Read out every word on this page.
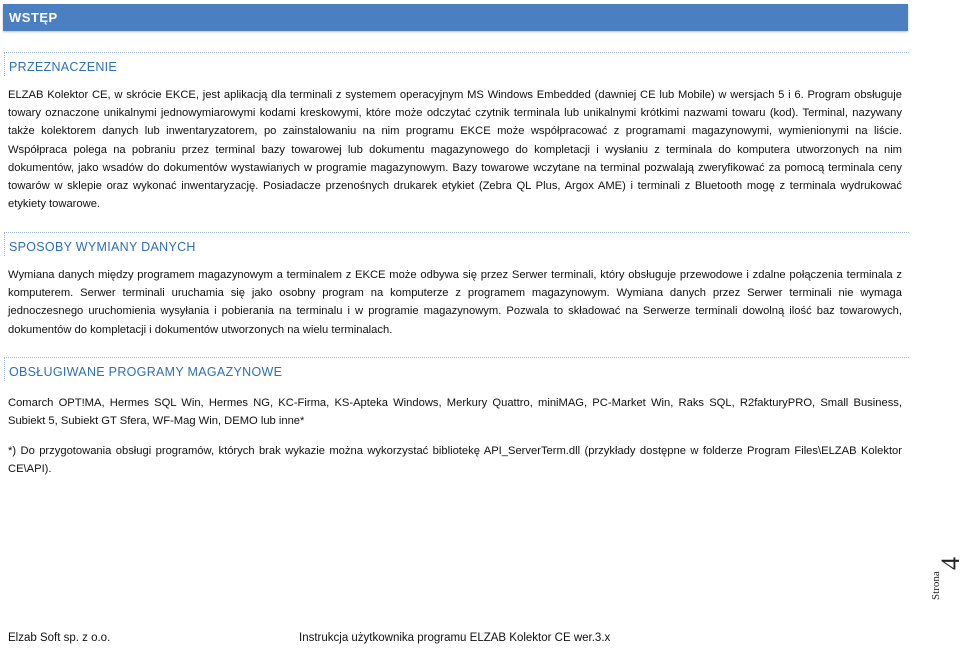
WSTĘP
PRZEZNACZENIE

ELZAB Kolektor CE, w skrócie EKCE, jest aplikacją dla terminali z systemem operacyjnym MS Windows Embedded (dawniej CE lub Mobile) w wersjach 5 i 6. Program obsługuje towary oznaczone unikalnymi jednowymiarowymi kodami kreskowymi, które może odczytać czytnik terminala lub unikalnymi krótkimi nazwami towaru (kod). Terminal, nazywany także kolektorem danych lub inwentaryzatorem, po zainstalowaniu na nim programu EKCE może współpracować z programami magazynowymi, wymienionymi na liście. Współpraca polega na pobraniu przez terminal bazy towarowej lub dokumentu magazynowego do kompletacji i wysłaniu z terminala do komputera utworzonych na nim dokumentów, jako wsadów do dokumentów wystawianych w programie magazynowym. Bazy towarowe wczytane na terminal pozwalają zweryfikować za pomocą terminala ceny towarów w sklepie oraz wykonać inwentaryzację. Posiadacze przenośnych drukarek etykiet (Zebra QL Plus, Argox AME) i terminali z Bluetooth mogę z terminala wydrukować etykiety towarowe.

SPOSOBY WYMIANY DANYCH

Wymiana danych między programem magazynowym a terminalem z EKCE może odbywa się przez Serwer terminali, który obsługuje przewodowe i zdalne połączenia terminala z komputerem. Serwer terminali uruchamia się jako osobny program na komputerze z programem magazynowym. Wymiana danych przez Serwer terminali nie wymaga jednoczesnego uruchomienia wysyłania i pobierania na terminalu i w programie magazynowym. Pozwala to składować na Serwerze terminali dowolną ilość baz towarowych, dokumentów do kompletacji i dokumentów utworzonych na wielu terminalach.

OBSŁUGIWANE PROGRAMY MAGAZYNOWE

Comarch OPT!MA, Hermes SQL Win, Hermes NG, KC-Firma, KS-Apteka Windows, Merkury Quattro, miniMAG, PC-Market Win, Raks SQL, R2fakturyPRO, Small Business, Subiekt 5, Subiekt GT Sfera, WF-Mag Win, DEMO lub inne*

*) Do przygotowania obsługi programów, których brak wykazie można wykorzystać bibliotekę API_ServerTerm.dll (przykłady dostępne w folderze Program Files\ELZAB Kolektor CE\API).

Strona
4
Elzab Soft sp. z o.o.	Instrukcja użytkownika programu ELZAB Kolektor CE wer.3.x
